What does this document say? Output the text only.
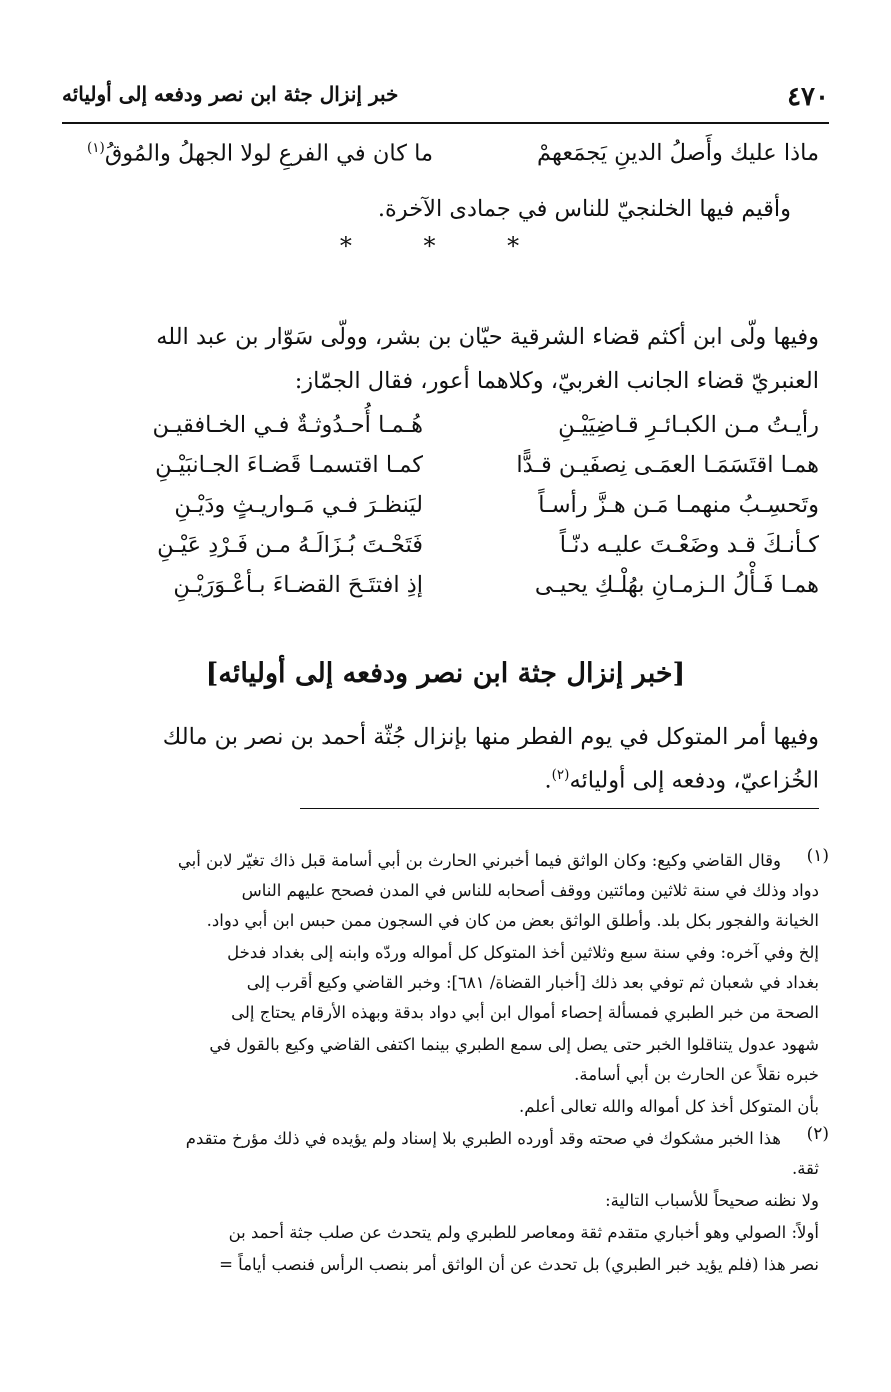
٤٧٠
خبر إنزال جثة ابن نصر ودفعه إلى أوليائه
ماذا عليك وأَصلُ الدينِ يَجمَعهمْ
ما كان في الفرعِ لولا الجهلُ والمُوقُ$^{(١)}$
وأقيم فيها الخلنجيّ للناس في جمادى الآخرة.
* * *
وفيها ولّى ابن أكثم قضاء الشرقية حيّان بن بشر، وولّى سَوّار بن عبد الله
العنبريّ قضاء الجانب الغربيّ، وكلاهما أعور، فقال الجمّاز:
رأيـتُ مـن الكبـائـرِ قـاضِيَيْـنِ
هُـمـا أُحـدُوثـةٌ فـي الخـافقيـن
همـا اقتَسَمَـا العمَـى نِصفَيـن قـدًّا
كمـا اقتسمـا قَضـاءَ الجـانبَيْـنِ
وتَحسِـبُ منهمـا مَـن هـزَّ رأسـاً
ليَنظـرَ فـي مَـواريـثٍ ودَيْـنِ
كـأنـكَ قـد وضَعْـتَ عليـه دنّـاً
فَتَحْـتَ بُـزَالَـهُ مـن فَـرْدِ عَيْـنِ
همـا فَـأْلُ الـزمـانِ بهُلْـكِ يحيـى
إذِ افتتَـحَ القضـاءَ بـأعْـوَرَيْـنِ
[خبر إنزال جثة ابن نصر ودفعه إلى أوليائه]
وفيها أمر المتوكل في يوم الفطر منها بإنزال جُثّة أحمد بن نصر بن مالك
الخُزاعيّ، ودفعه إلى أوليائه$^{(٢)}$.
(١)
وقال القاضي وكيع: وكان الواثق فيما أخبرني الحارث بن أبي أسامة قبل ذاك تغيّر لابن أبي
دواد وذلك في سنة ثلاثين ومائتين ووقف أصحابه للناس في المدن فصحح عليهم الناس
الخيانة والفجور بكل بلد. وأطلق الواثق بعض من كان في السجون ممن حبس ابن أبي دواد.
إلخ وفي آخره: وفي سنة سبع وثلاثين أخذ المتوكل كل أمواله وردّه وابنه إلى بغداد فدخل
بغداد في شعبان ثم توفي بعد ذلك [أخبار القضاة/ ٦٨١]: وخبر القاضي وكيع أقرب إلى
الصحة من خبر الطبري فمسألة إحصاء أموال ابن أبي دواد بدقة وبهذه الأرقام يحتاج إلى
شهود عدول يتناقلوا الخبر حتى يصل إلى سمع الطبري بينما اكتفى القاضي وكيع بالقول في
خبره نقلاً عن الحارث بن أبي أسامة.
بأن المتوكل أخذ كل أمواله والله تعالى أعلم.
(٢)
هذا الخبر مشكوك في صحته وقد أورده الطبري بلا إسناد ولم يؤيده في ذلك مؤرخ متقدم
ثقة.
ولا نظنه صحيحاً للأسباب التالية:
أولاً: الصولي وهو أخباري متقدم ثقة ومعاصر للطبري ولم يتحدث عن صلب جثة أحمد بن
نصر هذا (فلم يؤيد خبر الطبري) بل تحدث عن أن الواثق أمر بنصب الرأس فنصب أياماً =
